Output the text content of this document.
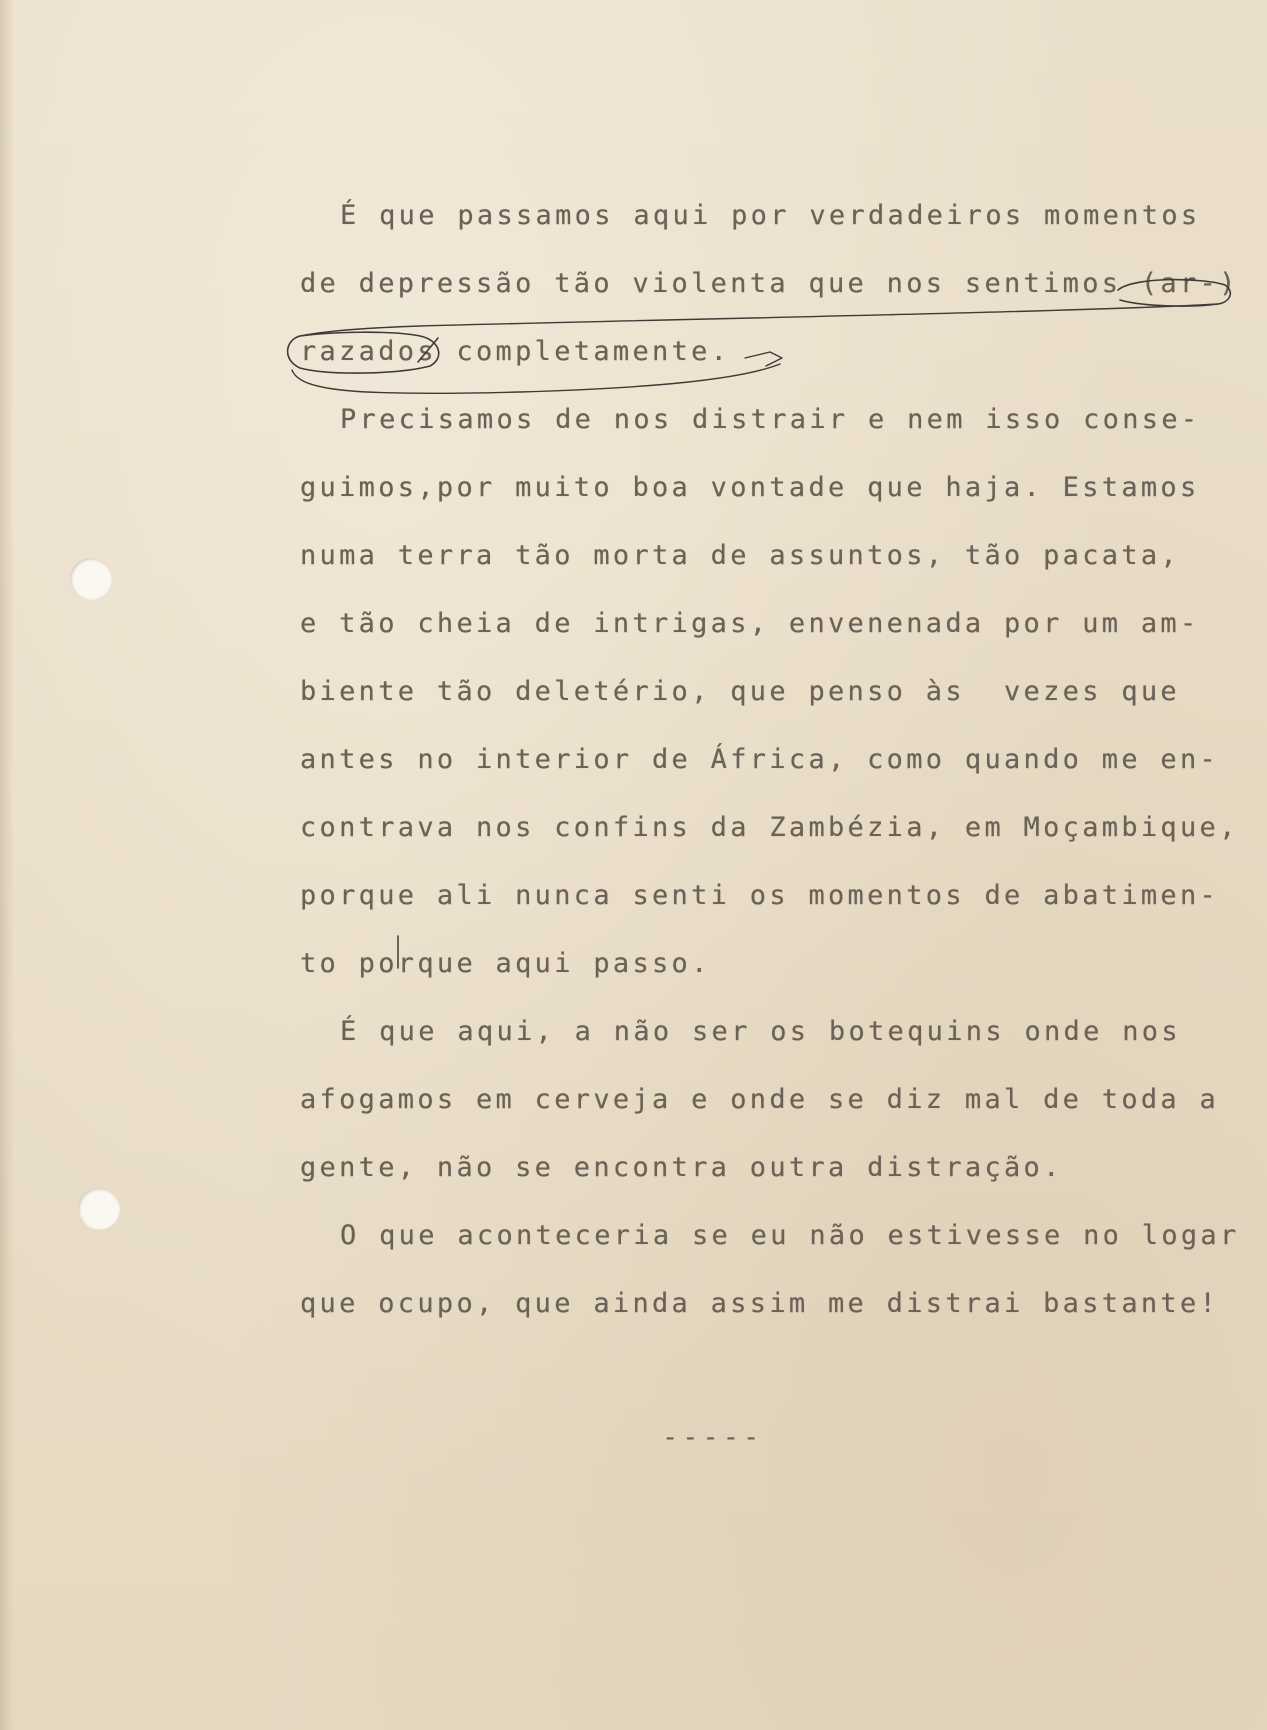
É que passamos aqui por verdadeiros momentos
de depressão tão violenta que nos sentimos (ar-)
razados completamente.
Precisamos de nos distrair e nem isso conse-
guimos,por muito boa vontade que haja. Estamos
numa terra tão morta de assuntos, tão pacata,
e tão cheia de intrigas, envenenada por um am-
biente tão deletério, que penso às  vezes que
antes no interior de África, como quando me en-
contrava nos confins da Zambézia, em Moçambique,
porque ali nunca senti os momentos de abatimen-
to porque aqui passo.
É que aqui, a não ser os botequins onde nos
afogamos em cerveja e onde se diz mal de toda a
gente, não se encontra outra distração.
O que aconteceria se eu não estivesse no logar
que ocupo, que ainda assim me distrai bastante!
-----
